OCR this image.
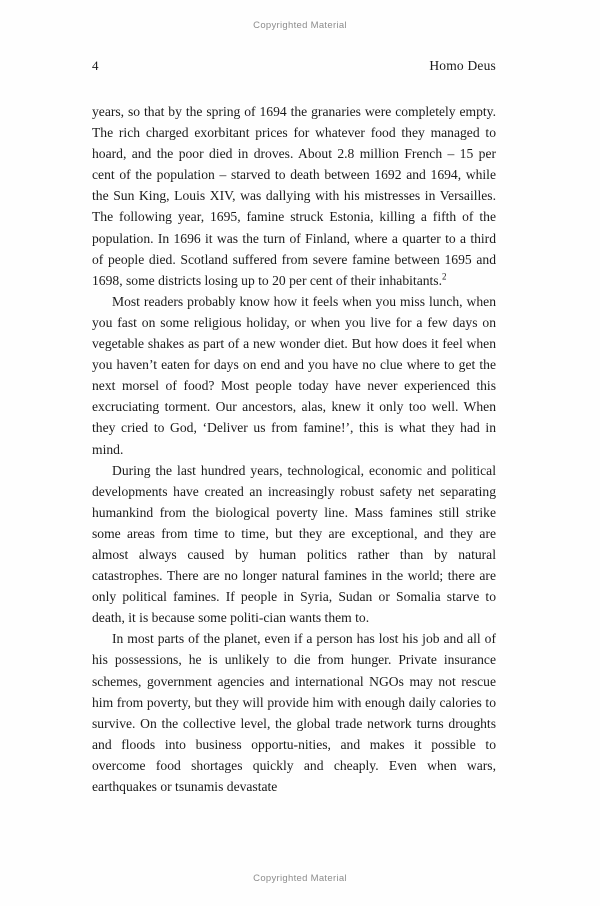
Copyrighted Material
4	Homo Deus

years, so that by the spring of 1694 the granaries were completely empty. The rich charged exorbitant prices for whatever food they managed to hoard, and the poor died in droves. About 2.8 million French – 15 per cent of the population – starved to death between 1692 and 1694, while the Sun King, Louis XIV, was dallying with his mistresses in Versailles. The following year, 1695, famine struck Estonia, killing a fifth of the population. In 1696 it was the turn of Finland, where a quarter to a third of people died. Scotland suffered from severe famine between 1695 and 1698, some districts losing up to 20 per cent of their inhabitants.$^2$

Most readers probably know how it feels when you miss lunch, when you fast on some religious holiday, or when you live for a few days on vegetable shakes as part of a new wonder diet. But how does it feel when you haven’t eaten for days on end and you have no clue where to get the next morsel of food? Most people today have never experienced this excruciating torment. Our ancestors, alas, knew it only too well. When they cried to God, ‘Deliver us from famine!’, this is what they had in mind.

During the last hundred years, technological, economic and political developments have created an increasingly robust safety net separating humankind from the biological poverty line. Mass famines still strike some areas from time to time, but they are exceptional, and they are almost always caused by human politics rather than by natural catastrophes. There are no longer natural famines in the world; there are only political famines. If people in Syria, Sudan or Somalia starve to death, it is because some politi-cian wants them to.

In most parts of the planet, even if a person has lost his job and all of his possessions, he is unlikely to die from hunger. Private insurance schemes, government agencies and international NGOs may not rescue him from poverty, but they will provide him with enough daily calories to survive. On the collective level, the global trade network turns droughts and floods into business opportu-nities, and makes it possible to overcome food shortages quickly and cheaply. Even when wars, earthquakes or tsunamis devastate

Copyrighted Material
